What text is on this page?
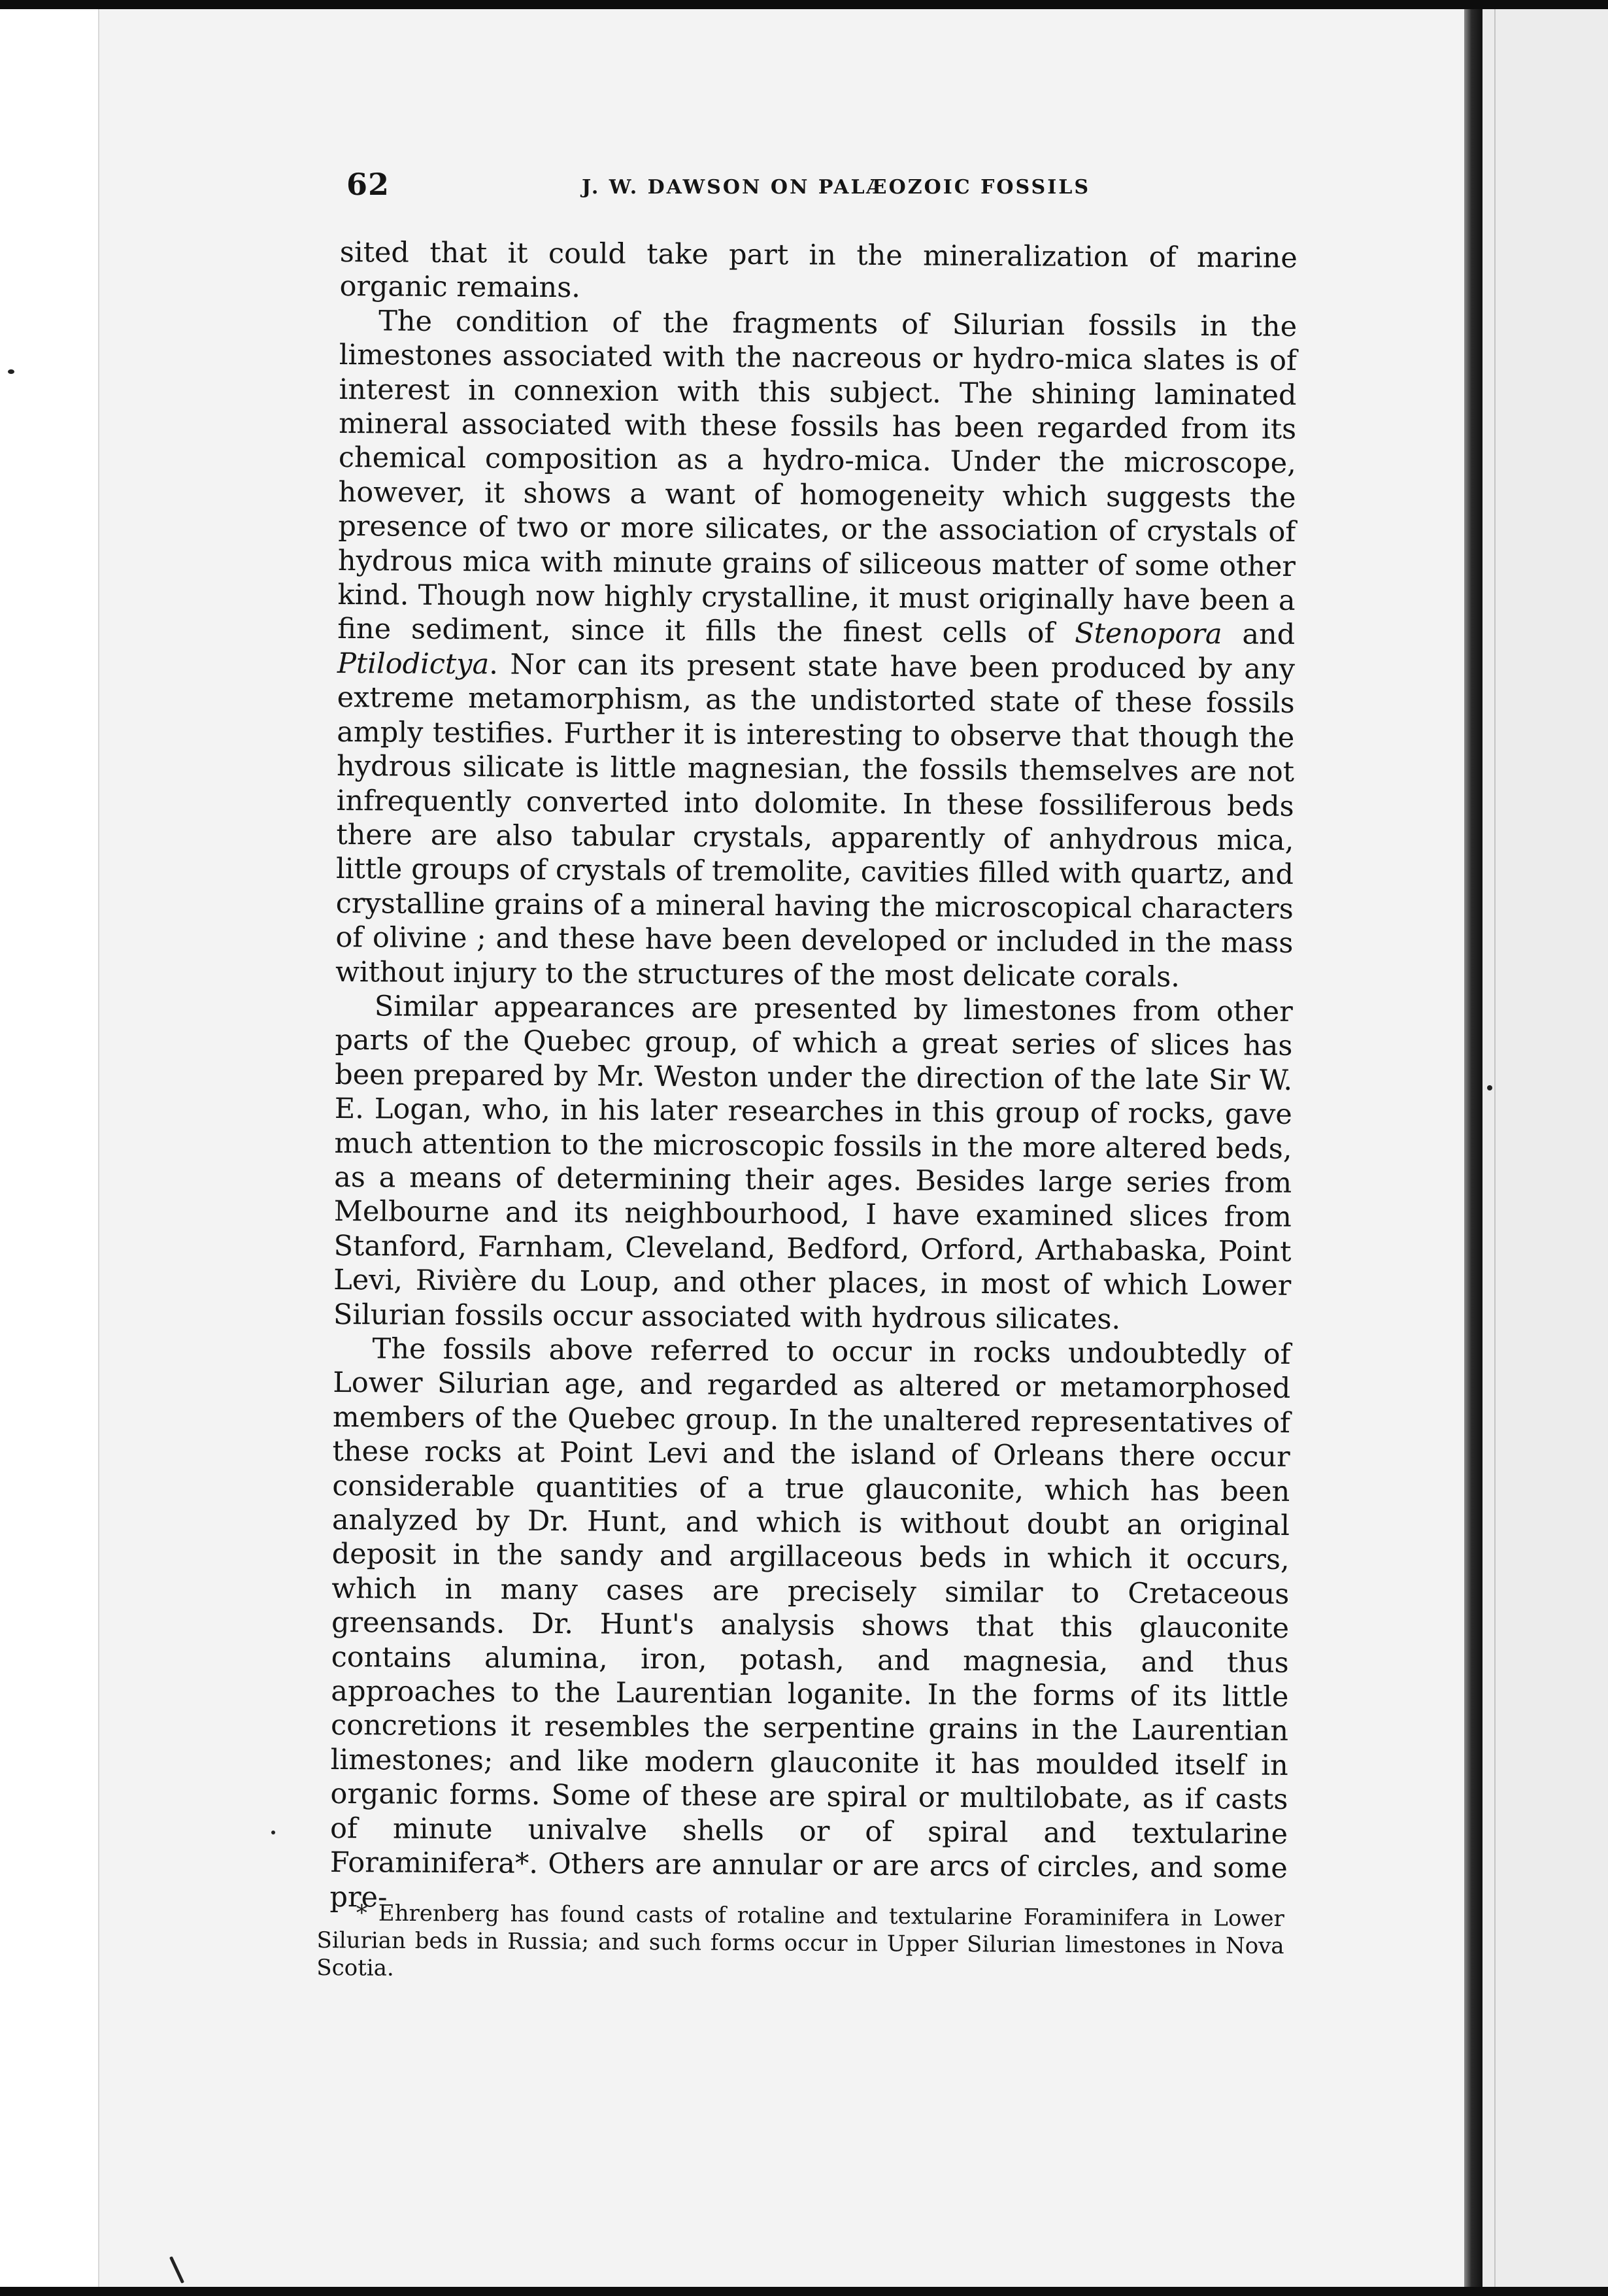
62	J. W. DAWSON ON PALÆOZOIC FOSSILS

sited that it could take part in the mineralization of marine organic remains.

The condition of the fragments of Silurian fossils in the limestones associated with the nacreous or hydro-mica slates is of interest in connexion with this subject. The shining laminated mineral associated with these fossils has been regarded from its chemical composition as a hydro-mica. Under the microscope, however, it shows a want of homogeneity which suggests the presence of two or more silicates, or the association of crystals of hydrous mica with minute grains of siliceous matter of some other kind. Though now highly crystalline, it must originally have been a fine sediment, since it fills the finest cells of Stenopora and Ptilodictya. Nor can its present state have been produced by any extreme metamorphism, as the undistorted state of these fossils amply testifies. Further it is interesting to observe that though the hydrous silicate is little magnesian, the fossils themselves are not infrequently converted into dolomite. In these fossiliferous beds there are also tabular crystals, apparently of anhydrous mica, little groups of crystals of tremolite, cavities filled with quartz, and crystalline grains of a mineral having the microscopical characters of olivine ; and these have been developed or included in the mass without injury to the structures of the most delicate corals.

Similar appearances are presented by limestones from other parts of the Quebec group, of which a great series of slices has been prepared by Mr. Weston under the direction of the late Sir W. E. Logan, who, in his later researches in this group of rocks, gave much attention to the microscopic fossils in the more altered beds, as a means of determining their ages. Besides large series from Melbourne and its neighbourhood, I have examined slices from Stanford, Farnham, Cleveland, Bedford, Orford, Arthabaska, Point Levi, Rivière du Loup, and other places, in most of which Lower Silurian fossils occur associated with hydrous silicates.

The fossils above referred to occur in rocks undoubtedly of Lower Silurian age, and regarded as altered or metamorphosed members of the Quebec group. In the unaltered representatives of these rocks at Point Levi and the island of Orleans there occur considerable quantities of a true glauconite, which has been analyzed by Dr. Hunt, and which is without doubt an original deposit in the sandy and argillaceous beds in which it occurs, which in many cases are precisely similar to Cretaceous greensands. Dr. Hunt's analysis shows that this glauconite contains alumina, iron, potash, and magnesia, and thus approaches to the Laurentian loganite. In the forms of its little concretions it resembles the serpentine grains in the Laurentian limestones; and like modern glauconite it has moulded itself in organic forms. Some of these are spiral or multilobate, as if casts of minute univalve shells or of spiral and textularine Foraminifera*. Others are annular or are arcs of circles, and some pre-

* Ehrenberg has found casts of rotaline and textularine Foraminifera in Lower Silurian beds in Russia; and such forms occur in Upper Silurian limestones in Nova Scotia.
